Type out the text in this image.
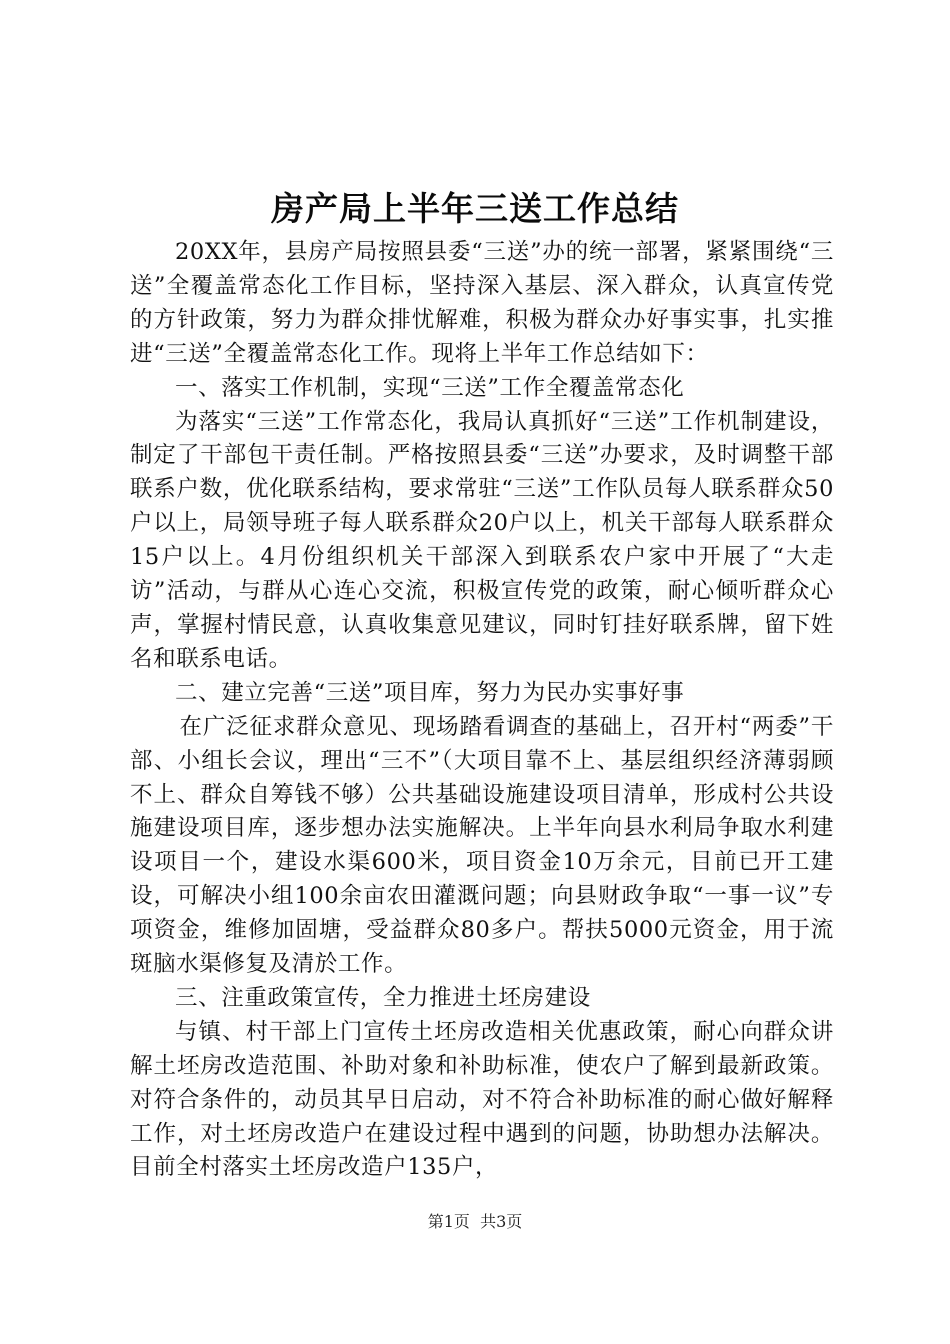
房产局上半年三送工作总结

20XX年，县房产局按照县委“三送”办的统一部署，紧紧围绕“三送”全覆盖常态化工作目标，坚持深入基层、深入群众，认真宣传党的方针政策，努力为群众排忧解难，积极为群众办好事实事，扎实推进“三送”全覆盖常态化工作。现将上半年工作总结如下：

一、落实工作机制，实现“三送”工作全覆盖常态化

为落实“三送”工作常态化，我局认真抓好“三送”工作机制建设，制定了干部包干责任制。严格按照县委“三送”办要求，及时调整干部联系户数，优化联系结构，要求常驻“三送”工作队员每人联系群众50户以上，局领导班子每人联系群众20户以上，机关干部每人联系群众15户以上。4月份组织机关干部深入到联系农户家中开展了“大走访”活动，与群从心连心交流，积极宣传党的政策，耐心倾听群众心声，掌握村情民意，认真收集意见建议，同时钉挂好联系牌，留下姓名和联系电话。

二、建立完善“三送”项目库，努力为民办实事好事

在广泛征求群众意见、现场踏看调查的基础上，召开村“两委”干部、小组长会议，理出“三不”（大项目靠不上、基层组织经济薄弱顾不上、群众自筹钱不够）公共基础设施建设项目清单，形成村公共设施建设项目库，逐步想办法实施解决。上半年向县水利局争取水利建设项目一个，建设水渠600米，项目资金10万余元，目前已开工建设，可解决小组100余亩农田灌溉问题；向县财政争取“一事一议”专项资金，维修加固塘，受益群众80多户。帮扶5000元资金，用于流斑脑水渠修复及清於工作。

三、注重政策宣传，全力推进土坯房建设

与镇、村干部上门宣传土坯房改造相关优惠政策，耐心向群众讲解土坯房改造范围、补助对象和补助标准，使农户了解到最新政策。对符合条件的，动员其早日启动，对不符合补助标准的耐心做好解释工作，对土坯房改造户在建设过程中遇到的问题，协助想办法解决。目前全村落实土坯房改造户135户，

第1页 共3页
